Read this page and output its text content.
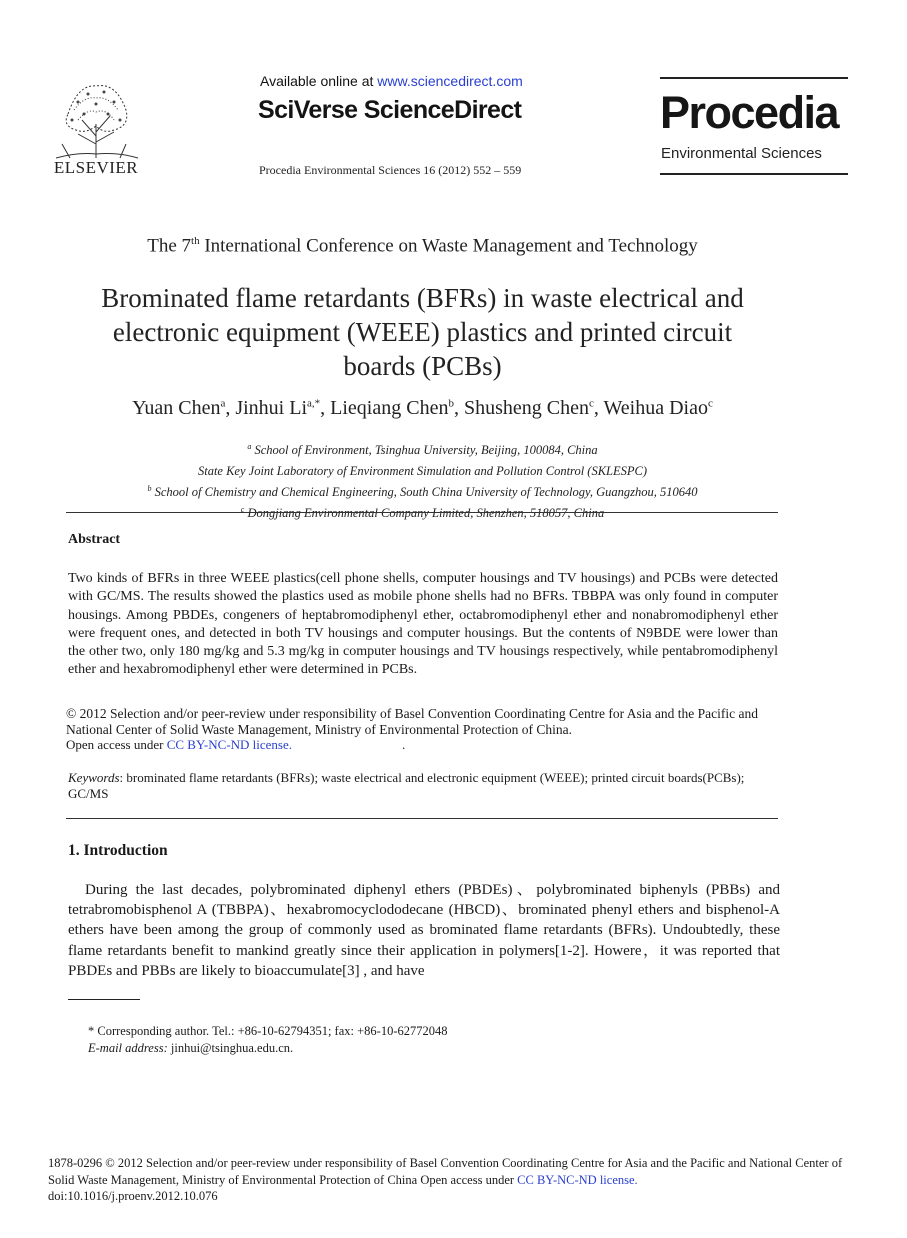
ELSEVIER
Available online at www.sciencedirect.com
SciVerse ScienceDirect
Procedia Environmental Sciences 16 (2012) 552 – 559
Procedia
Environmental Sciences
The 7th International Conference on Waste Management and Technology
Brominated flame retardants (BFRs) in waste electrical and electronic equipment (WEEE) plastics and printed circuit boards (PCBs)
Yuan Chen$^a$, Jinhui $Li^{a,*}$, Lieqiang Chen$^b$, Shusheng Chen$^c$, Weihua Diao$^c$
$^a$ School of Environment, Tsinghua University, Beijing, 100084, China
State Key Joint Laboratory of Environment Simulation and Pollution Control (SKLESPC)
$^b$ School of Chemistry and Chemical Engineering, South China University of Technology, Guangzhou, 510640
$^c$ Dongjiang Environmental Company Limited, Shenzhen, 518057, China
Abstract
Two kinds of BFRs in three WEEE plastics(cell phone shells, computer housings and TV housings) and PCBs were detected with GC/MS. The results showed the plastics used as mobile phone shells had no BFRs. TBBPA was only found in computer housings. Among PBDEs, congeners of heptabromodiphenyl ether, octabromodiphenyl ether and nonabromodiphenyl ether were frequent ones, and detected in both TV housings and computer housings. But the contents of N9BDE were lower than the other two, only 180 mg/kg and 5.3 mg/kg in computer housings and TV housings respectively, while pentabromodiphenyl ether and hexabromodiphenyl ether were determined in PCBs.
© 2012 Selection and/or peer-review under responsibility of Basel Convention Coordinating Centre for Asia and the Pacific and National Center of Solid Waste Management, Ministry of Environmental Protection of China.
Open access under CC BY-NC-ND license.	.
Keywords: brominated flame retardants (BFRs); waste electrical and electronic equipment (WEEE); printed circuit boards(PCBs); GC/MS
1. Introduction
During the last decades, polybrominated diphenyl ethers (PBDEs)、polybrominated biphenyls (PBBs) and tetrabromobisphenol A (TBBPA)、hexabromocyclododecane (HBCD)、brominated phenyl ethers and bisphenol-A ethers have been among the group of commonly used as brominated flame retardants (BFRs). Undoubtedly, these flame retardants benefit to mankind greatly since their application in polymers[1-2]. Howere，it was reported that PBDEs and PBBs are likely to bioaccumulate[3] , and have
* Corresponding author. Tel.: +86-10-62794351; fax: +86-10-62772048
E-mail address: jinhui@tsinghua.edu.cn.
1878-0296 © 2012 Selection and/or peer-review under responsibility of Basel Convention Coordinating Centre for Asia and the Pacific and National Center of Solid Waste Management, Ministry of Environmental Protection of China Open access under CC BY-NC-ND license.
doi:10.1016/j.proenv.2012.10.076
